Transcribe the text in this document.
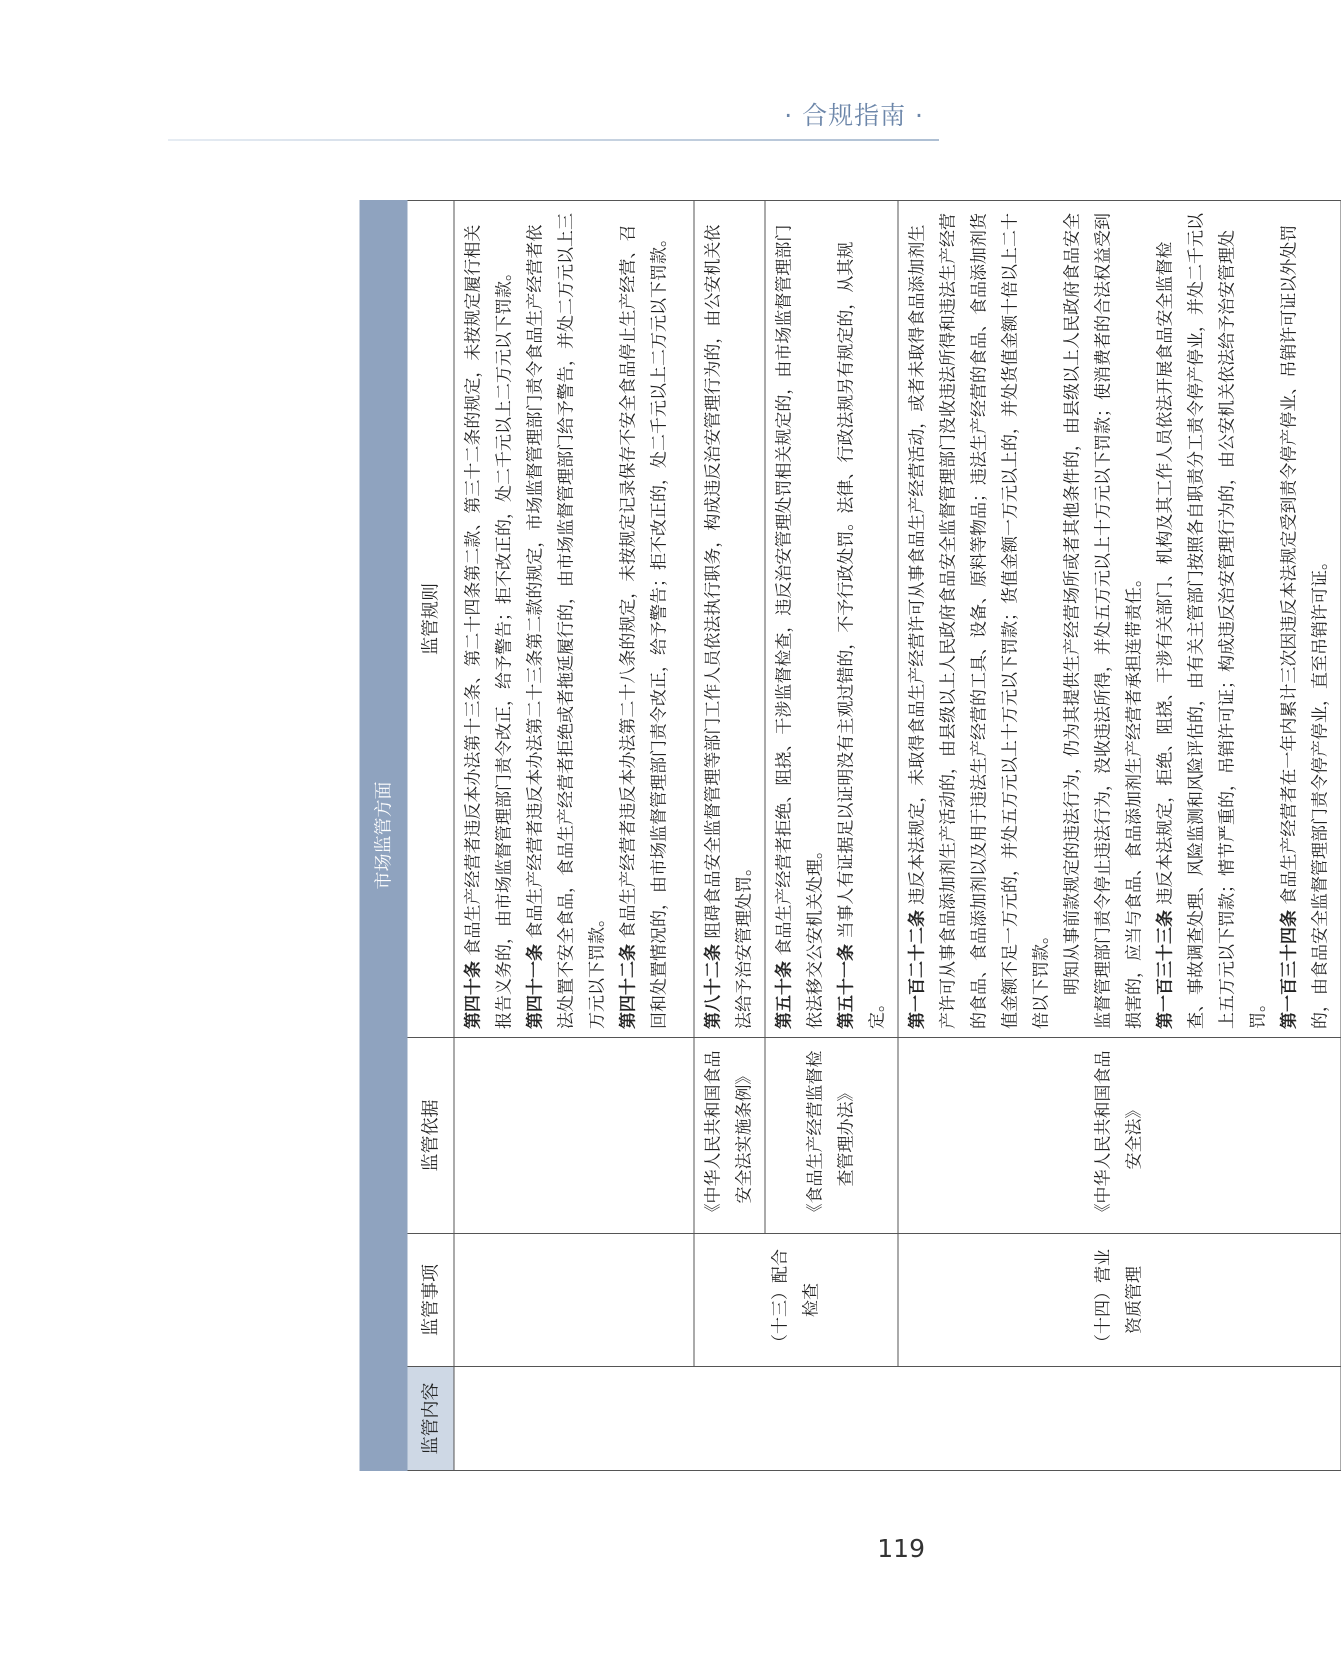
· 合规指南 ·
市场监管方面			
监管内容	监管事项	监管依据	监管规则

			第四十条 食品生产经营者违反本办法第十三条、第二十四条第二款、第三十二条的规定，未按规定履行相关报告义务的，由市场监督管理部门责令改正，给予警告；拒不改正的，处二千元以上二万元以下罚款。 第四十一条 食品生产经营者违反本办法第二十三条第二款的规定，市场监督管理部门责令食品生产经营者依法处置不安全食品，食品生产经营者拒绝或者拖延履行的，由市场监督管理部门给予警告，并处二万元以上三万元以下罚款。 第四十二条 食品生产经营者违反本办法第二十八条的规定，未按规定记录保存不安全食品停止生产经营、召回和处置情况的，由市场监督管理部门责令改正，给予警告；拒不改正的，处二千元以上二万元以下罚款。

	（十三）配合检查	《中华人民共和国食品安全法实施条例》	第八十二条 阻碍食品安全监督管理等部门工作人员依法执行职务，构成违反治安管理行为的，由公安机关依法给予治安管理处罚。

		《食品生产经营监督检查管理办法》	第五十条 食品生产经营者拒绝、阻挠、干涉监督检查，违反治安管理处罚相关规定的，由市场监督管理部门依法移交公安机关处理。 第五十一条 当事人有证据足以证明没有主观过错的，不予行政处罚。法律、行政法规另有规定的，从其规定。

	（十四）营业资质管理	《中华人民共和国食品安全法》	第一百二十二条 违反本法规定，未取得食品生产经营许可从事食品生产经营活动，或者未取得食品添加剂生产许可从事食品添加剂生产活动的，由县级以上人民政府食品安全监督管理部门没收违法所得和违法生产经营的食品、食品添加剂以及用于违法生产经营的工具、设备、原料等物品；违法生产经营的食品、食品添加剂货值金额不足一万元的，并处五万元以上十万元以下罚款；货值金额一万元以上的，并处货值金额十倍以上二十倍以下罚款。 明知从事前款规定的违法行为，仍为其提供生产经营场所或者其他条件的，由县级以上人民政府食品安全监督管理部门责令停止违法行为，没收违法所得，并处五万元以上十万元以下罚款；使消费者的合法权益受到损害的，应当与食品、食品添加剂生产经营者承担连带责任。 第一百三十三条 违反本法规定，拒绝、阻挠、干涉有关部门、机构及其工作人员依法开展食品安全监督检查、事故调查处理、风险监测和风险评估的，由有关主管部门按照各自职责分工责令停产停业，并处二千元以上五万元以下罚款；情节严重的，吊销许可证；构成违反治安管理行为的，由公安机关依法给予治安管理处罚。 第一百三十四条 食品生产经营者在一年内累计三次因违反本法规定受到责令停产停业、吊销许可证以外处罚的，由食品安全监督管理部门责令停产停业，直至吊销许可证。

119
